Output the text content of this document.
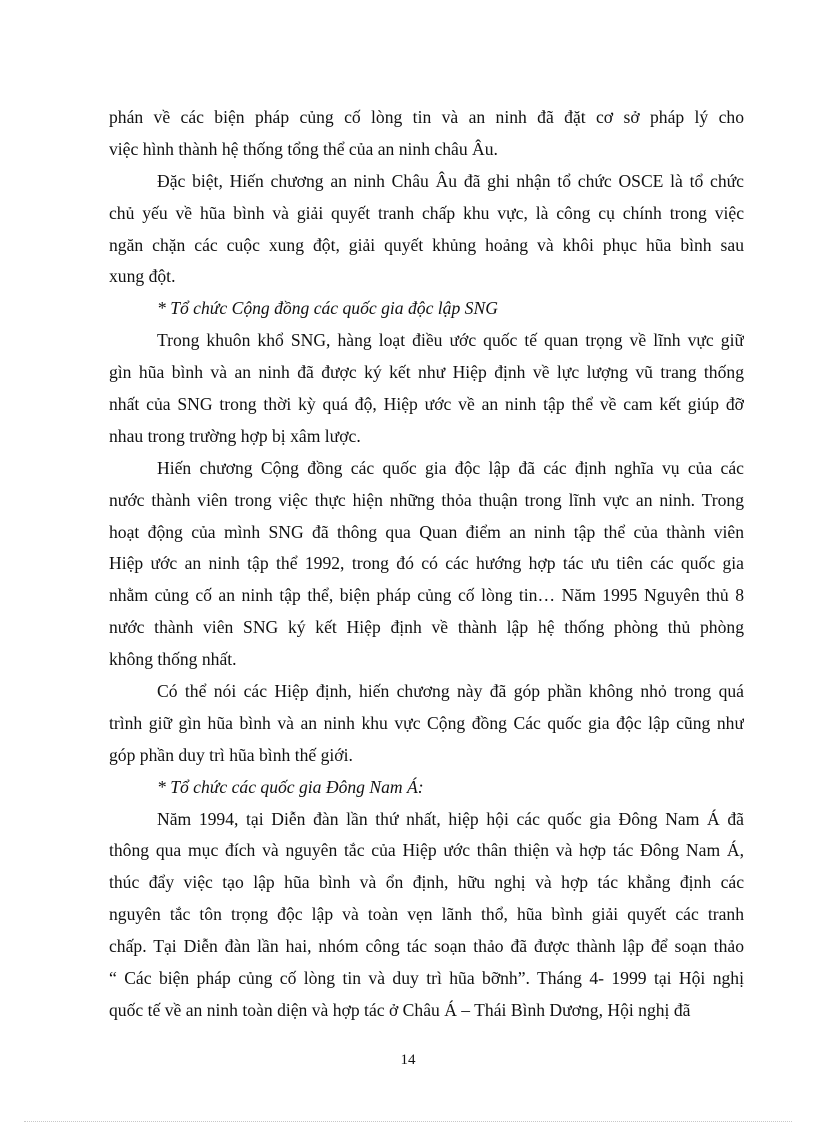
phán về các biện pháp củng cố lòng tin và an ninh đã đặt cơ sở pháp lý cho
việc hình thành hệ thống tổng thể của an ninh châu Âu.
Đặc biệt, Hiến chương an ninh Châu Âu đã ghi nhận tổ chức OSCE là tổ chức
chủ yếu về hũa bình và giải quyết tranh chấp khu vực, là công cụ chính trong việc
ngăn chặn các cuộc xung đột, giải quyết khủng hoảng và khôi phục hũa bình sau
xung đột.
* Tổ chức Cộng đồng các quốc gia độc lập SNG
Trong khuôn khổ SNG, hàng loạt điều ước quốc tế quan trọng về lĩnh vực giữ
gìn hũa bình và an ninh đã được ký kết như Hiệp định về lực lượng vũ trang thống
nhất của SNG trong thời kỳ quá độ, Hiệp ước về an ninh tập thể về cam kết giúp đỡ
nhau trong trường hợp bị xâm lược.
Hiến chương Cộng đồng các quốc gia độc lập đã các định nghĩa vụ của các
nước thành viên trong việc thực hiện những thỏa thuận trong lĩnh vực an ninh. Trong
hoạt động của mình SNG đã thông qua Quan điểm an ninh tập thể của thành viên
Hiệp ước an ninh tập thể 1992, trong đó có các hướng hợp tác ưu tiên các quốc gia
nhằm củng cố an ninh tập thể, biện pháp củng cố lòng tin… Năm 1995 Nguyên thủ 8
nước thành viên SNG ký kết Hiệp định về thành lập hệ thống phòng thủ phòng
không thống nhất.
Có thể nói các Hiệp định, hiến chương này đã góp phần không nhỏ trong quá
trình giữ gìn hũa bình và an ninh khu vực Cộng đồng Các quốc gia độc lập cũng như
góp phần duy trì hũa bình thế giới.
* Tổ chức các quốc gia Đông Nam Á:
Năm 1994, tại Diễn đàn lần thứ nhất, hiệp hội các quốc gia Đông Nam Á đã
thông qua mục đích và nguyên tắc của Hiệp ước thân thiện và hợp tác Đông Nam Á,
thúc đẩy việc tạo lập hũa bình và ổn định, hữu nghị và hợp tác khẳng định các
nguyên tắc tôn trọng độc lập và toàn vẹn lãnh thổ, hũa bình giải quyết các tranh
chấp. Tại Diễn đàn lần hai, nhóm công tác soạn thảo đã được thành lập để soạn thảo
“ Các biện pháp củng cố lòng tin và duy trì hũa bỡnh”. Tháng 4- 1999 tại Hội nghị
quốc tế về an ninh toàn diện và hợp tác ở Châu Á – Thái Bình Dương, Hội nghị đã
14
